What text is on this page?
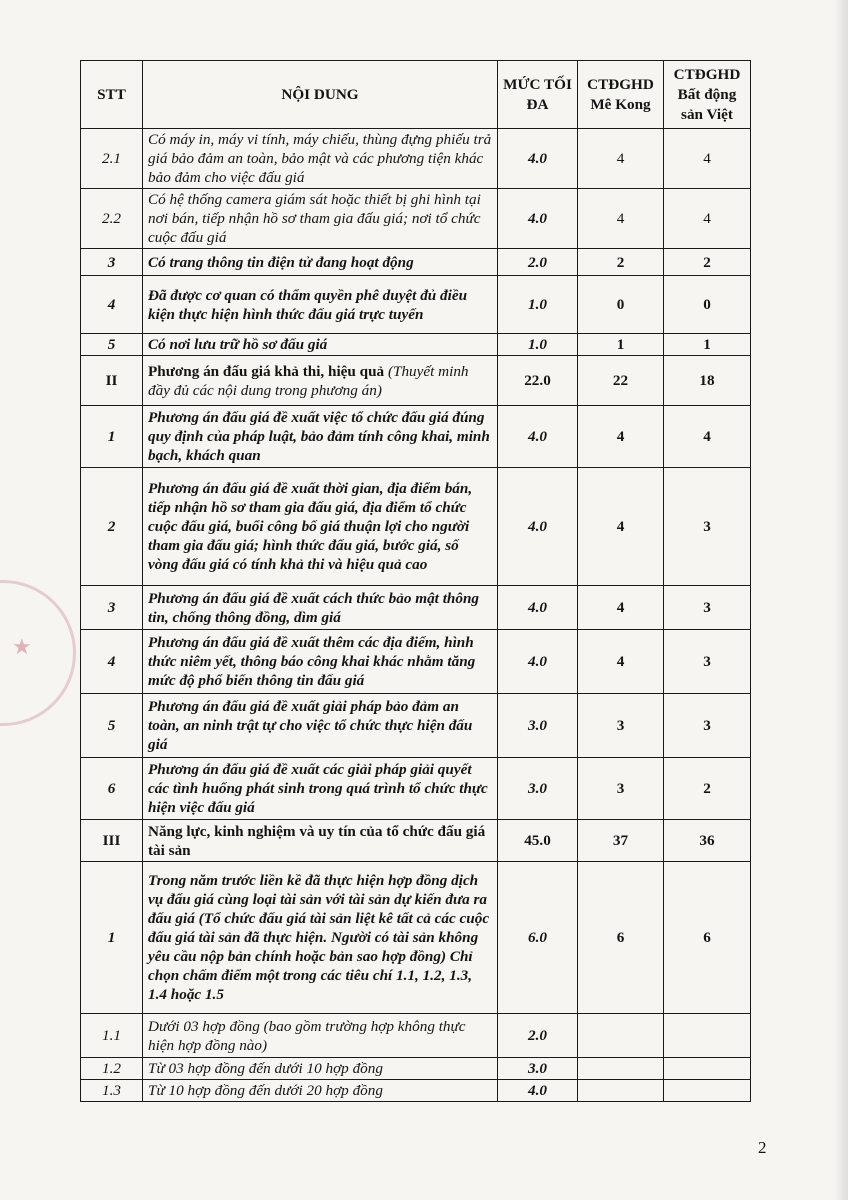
★
STT	NỘI DUNG	MỨC TỐI ĐA	CTĐGHD Mê Kong	CTĐGHD Bất động sản Việt
2.1	Có máy in, máy vi tính, máy chiếu, thùng đựng phiếu trả giá bảo đảm an toàn, bảo mật và các phương tiện khác bảo đảm cho việc đấu giá	4.0	4	4
2.2	Có hệ thống camera giám sát hoặc thiết bị ghi hình tại nơi bán, tiếp nhận hồ sơ tham gia đấu giá; nơi tổ chức cuộc đấu giá	4.0	4	4
3	Có trang thông tin điện tử đang hoạt động	2.0	2	2
4	Đã được cơ quan có thẩm quyền phê duyệt đủ điều kiện thực hiện hình thức đấu giá trực tuyến	1.0	0	0
5	Có nơi lưu trữ hồ sơ đấu giá	1.0	1	1
II	Phương án đấu giá khả thi, hiệu quả (Thuyết minh đầy đủ các nội dung trong phương án)	22.0	22	18
1	Phương án đấu giá đề xuất việc tổ chức đấu giá đúng quy định của pháp luật, bảo đảm tính công khai, minh bạch, khách quan	4.0	4	4
2	Phương án đấu giá đề xuất thời gian, địa điểm bán, tiếp nhận hồ sơ tham gia đấu giá, địa điểm tổ chức cuộc đấu giá, buổi công bố giá thuận lợi cho người tham gia đấu giá; hình thức đấu giá, bước giá, số vòng đấu giá có tính khả thi và hiệu quả cao	4.0	4	3
3	Phương án đấu giá đề xuất cách thức bảo mật thông tin, chống thông đồng, dìm giá	4.0	4	3
4	Phương án đấu giá đề xuất thêm các địa điểm, hình thức niêm yết, thông báo công khai khác nhằm tăng mức độ phổ biến thông tin đấu giá	4.0	4	3
5	Phương án đấu giá đề xuất giải pháp bảo đảm an toàn, an ninh trật tự cho việc tổ chức thực hiện đấu giá	3.0	3	3
6	Phương án đấu giá đề xuất các giải pháp giải quyết các tình huống phát sinh trong quá trình tổ chức thực hiện việc đấu giá	3.0	3	2
III	Năng lực, kinh nghiệm và uy tín của tổ chức đấu giá tài sản	45.0	37	36
1	Trong năm trước liền kề đã thực hiện hợp đồng dịch vụ đấu giá cùng loại tài sản với tài sản dự kiến đưa ra đấu giá (Tổ chức đấu giá tài sản liệt kê tất cả các cuộc đấu giá tài sản đã thực hiện. Người có tài sản không yêu cầu nộp bản chính hoặc bản sao hợp đồng) Chỉ chọn chấm điểm một trong các tiêu chí 1.1, 1.2, 1.3, 1.4 hoặc 1.5	6.0	6	6
1.1	Dưới 03 hợp đồng (bao gồm trường hợp không thực hiện hợp đồng nào)	2.0		
1.2	Từ 03 hợp đồng đến dưới 10 hợp đồng	3.0		
1.3	Từ 10 hợp đồng đến dưới 20 hợp đồng	4.0		
2
